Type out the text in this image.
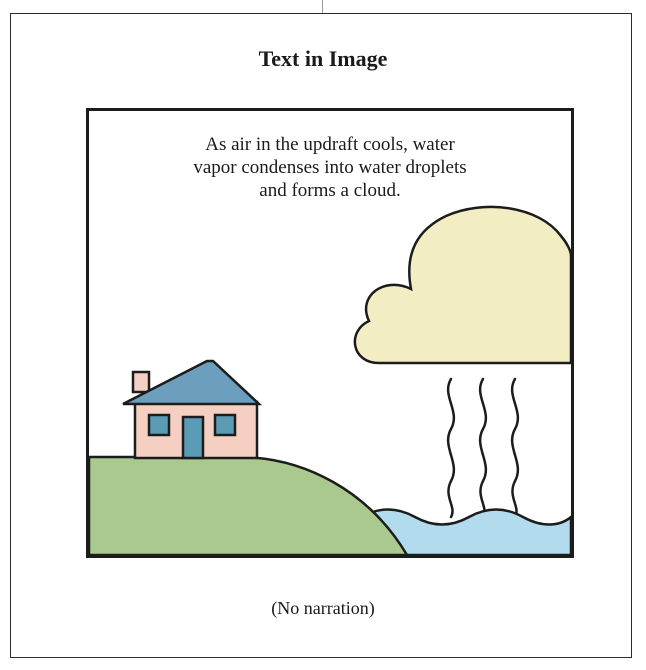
Text in Image
As air in the updraft cools, water
vapor condenses into water droplets
and forms a cloud.
(No narration)
